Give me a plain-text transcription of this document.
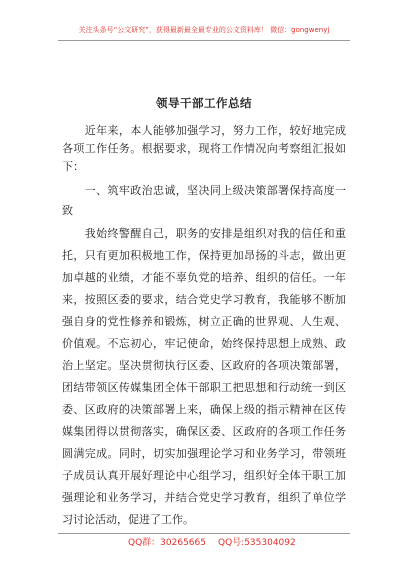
关注头条号“公文研究”，获得最新最全最专业的公文资料库！ 微信：gongwenyj
领导干部工作总结
　　近年来，本人能够加强学习，努力工作，较好地完成
各项工作任务。根据要求，现将工作情况向考察组汇报如
下：
　　一、筑牢政治忠诚，坚决同上级决策部署保持高度一
致
　　我始终警醒自己，职务的安排是组织对我的信任和重
托，只有更加积极地工作，保持更加昂扬的斗志，做出更
加卓越的业绩，才能不辜负党的培养、组织的信任。一年
来，按照区委的要求，结合党史学习教育，我能够不断加
强自身的党性修养和锻炼，树立正确的世界观、人生观、
价值观。不忘初心，牢记使命，始终保持思想上成熟、政
治上坚定。坚决贯彻执行区委、区政府的各项决策部署，
团结带领区传媒集团全体干部职工把思想和行动统一到区
委、区政府的决策部署上来，确保上级的指示精神在区传
媒集团得以贯彻落实，确保区委、区政府的各项工作任务
圆满完成。同时，切实加强理论学习和业务学习，带领班
子成员认真开展好理论中心组学习，组织好全体干职工加
强理论和业务学习，并结合党史学习教育，组织了单位学
习讨论活动，促进了工作。
QQ群：30265665 QQ号:535304092
